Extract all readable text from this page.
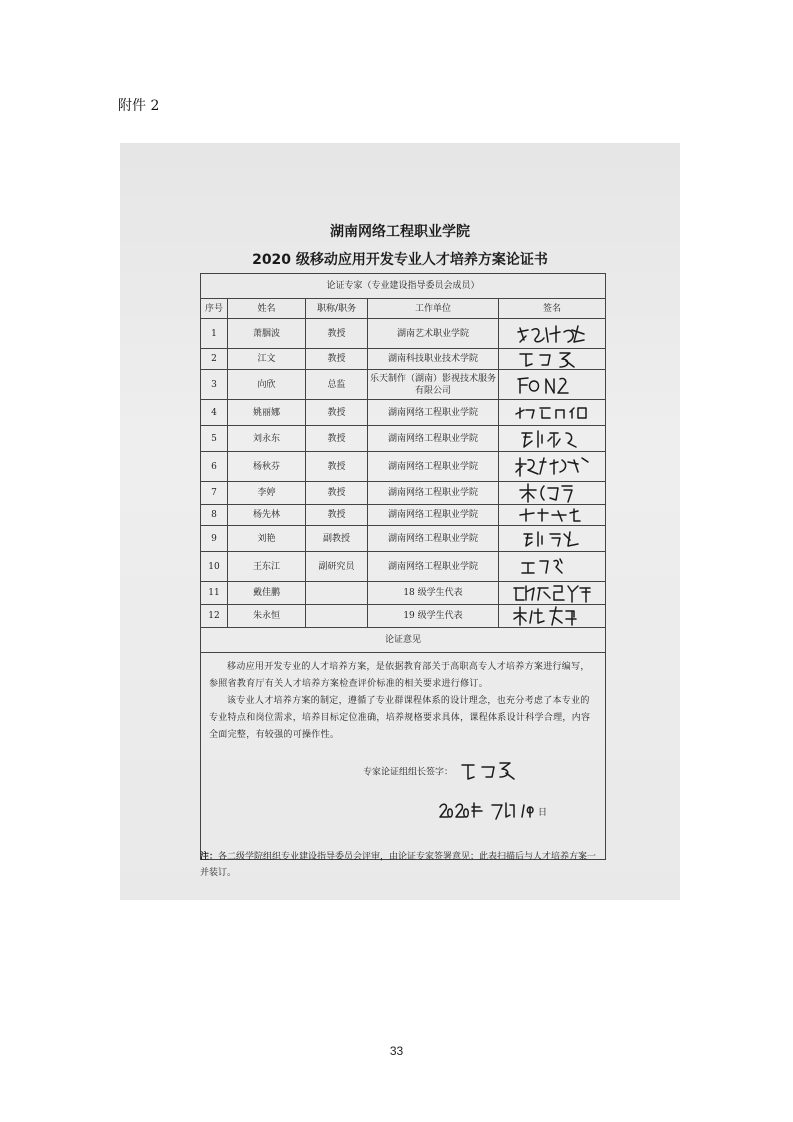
附件 2
湖南网络工程职业学院
2020 级移动应用开发专业人才培养方案论证书
论证专家（专业建设指导委员会成员）				
序号	姓名	职称/职务	工作单位	签名
1	萧胭波	教授	湖南艺术职业学院	

2	江文	教授	湖南科技职业技术学院	

3	向欣	总监	乐天制作（湖南）影视技术服务有限公司	

4	姚丽娜	教授	湖南网络工程职业学院	

5	刘永东	教授	湖南网络工程职业学院	

6	杨秋芬	教授	湖南网络工程职业学院	

7	李婷	教授	湖南网络工程职业学院	

8	杨先林	教授	湖南网络工程职业学院	

9	刘艳	副教授	湖南网络工程职业学院	

10	王东江	副研究员	湖南网络工程职业学院	

11	戴佳鹏		18 级学生代表	

12	朱永恒		19 级学生代表	

论证意见				

移动应用开发专业的人才培养方案，是依据教育部关于高职高专人才培养方案进行编写，参照省教育厅有关人才培养方案检查评价标准的相关要求进行修订。

该专业人才培养方案的制定，遵循了专业群课程体系的设计理念，也充分考虑了本专业的专业特点和岗位需求，培养目标定位准确，培养规格要求具体，课程体系设计科学合理，内容全面完整，有较强的可操作性。

专家论证组组长签字：
日				
注：各二级学院组织专业建设指导委员会评审，由论证专家签署意见；此表扫描后与人才培养方案一并装订。
33
